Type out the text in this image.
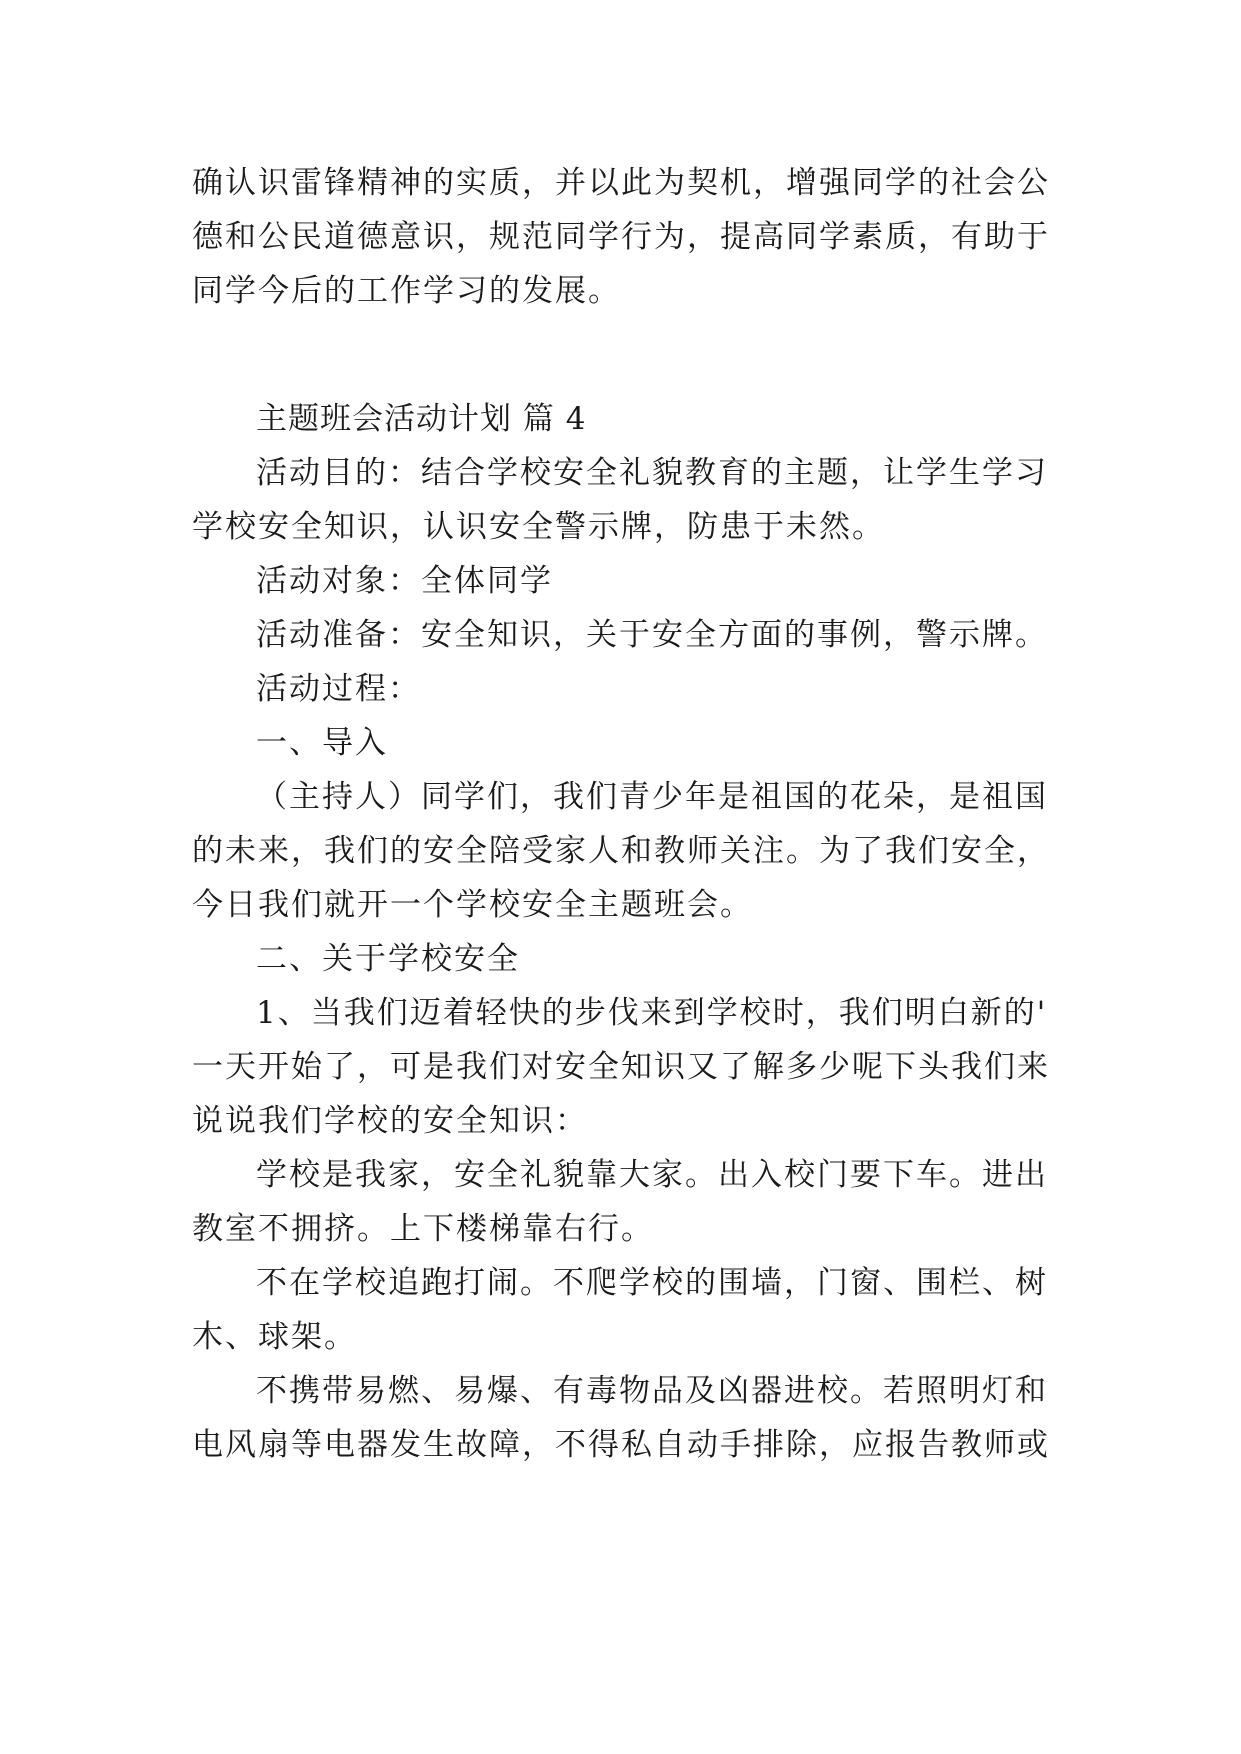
确认识雷锋精神的实质，并以此为契机，增强同学的社会公
德和公民道德意识，规范同学行为，提高同学素质，有助于
同学今后的工作学习的发展。
主题班会活动计划 篇 4
活动目的：结合学校安全礼貌教育的主题，让学生学习
学校安全知识，认识安全警示牌，防患于未然。
活动对象：全体同学
活动准备：安全知识，关于安全方面的事例，警示牌。
活动过程：
一、导入
（主持人）同学们，我们青少年是祖国的花朵，是祖国
的未来，我们的安全陪受家人和教师关注。为了我们安全，
今日我们就开一个学校安全主题班会。
二、关于学校安全
1、当我们迈着轻快的步伐来到学校时，我们明白新的'
一天开始了，可是我们对安全知识又了解多少呢下头我们来
说说我们学校的安全知识：
学校是我家，安全礼貌靠大家。出入校门要下车。进出
教室不拥挤。上下楼梯靠右行。
不在学校追跑打闹。不爬学校的围墙，门窗、围栏、树
木、球架。
不携带易燃、易爆、有毒物品及凶器进校。若照明灯和
电风扇等电器发生故障，不得私自动手排除，应报告教师或
